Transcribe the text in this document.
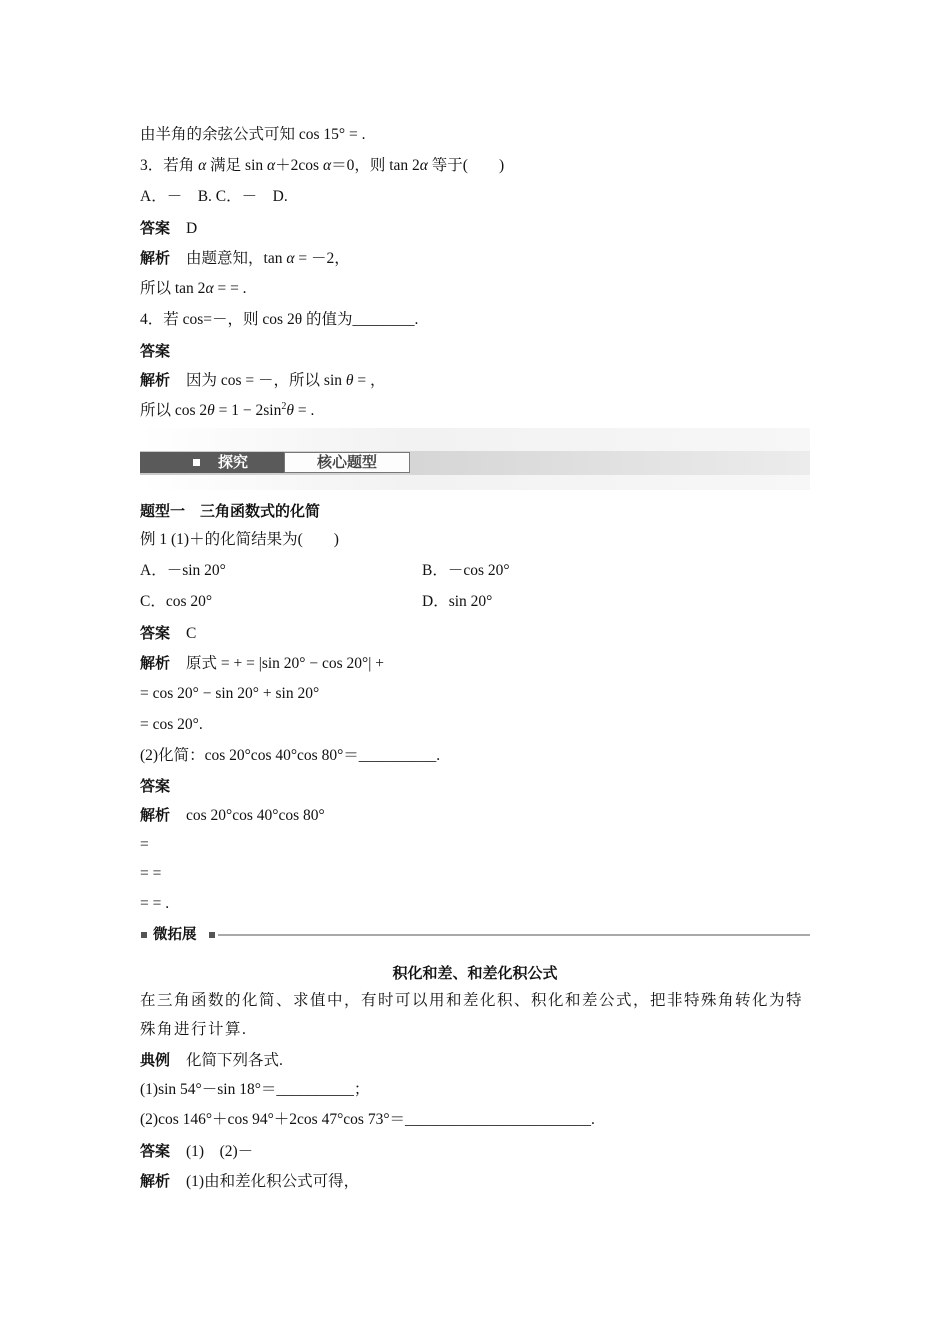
由半角的余弦公式可知 cos 15° = .
3．若角 α 满足 sin α＋2cos α＝0，则 tan 2α 等于(　　)
A．－　B. C．－　D.
答案 D
解析 由题意知，tan α = －2，
所以 tan 2α = = .
4．若 cos=－，则 cos 2θ 的值为________.
答案
解析 因为 cos = －，所以 sin θ = ，
所以 $\cos 2\theta = 1 - 2\sin^2\theta$ = .
探究	核心题型
题型一　三角函数式的化简
例 1 (1)＋的化简结果为(　　)
A．－sin 20°	B．－cos 20°
C．cos 20°	D．sin 20°
答案 C
解析 原式 = + = |sin 20° − cos 20°| +
= cos 20° − sin 20° + sin 20°
= cos 20°.
(2)化简：cos 20°cos 40°cos 80°＝__________.
答案
解析 cos 20°cos 40°cos 80°
=
= =
= = .
微拓展
积化和差、和差化积公式
在三角函数的化简、求值中，有时可以用和差化积、积化和差公式，把非特殊角转化为特殊角进行计算.
典例 化简下列各式.
(1)sin 54°－sin 18°＝__________；
(2)cos 146°＋cos 94°＋2cos 47°cos 73°＝________________________.
答案 (1)　(2)－
解析 (1)由和差化积公式可得，
